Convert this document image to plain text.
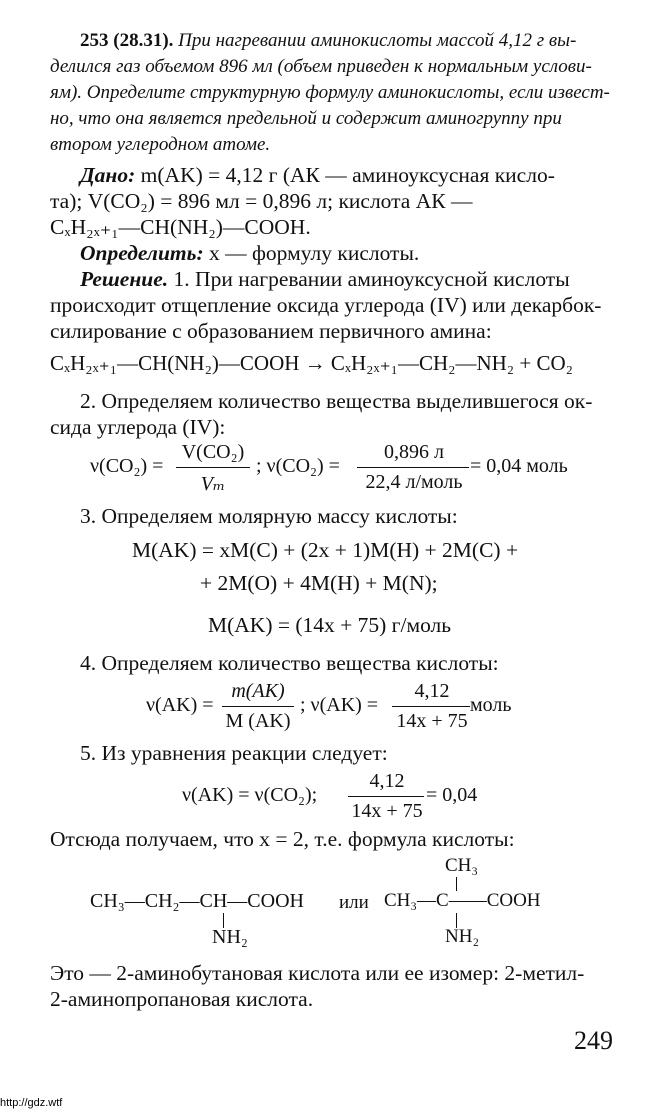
253 (28.31). При нагревании аминокислоты массой 4,12 г вы-
делился газ объемом 896 мл (объем приведен к нормальным услови-
ям). Определите структурную формулу аминокислоты, если извест-
но, что она является предельной и содержит аминогруппу при
втором углеродном атоме.
Дано: m(AK) = 4,12 г (АК — аминоуксусная кисло-
та); V(CO₂) = 896 мл = 0,896 л; кислота АК —
CₓH₂ₓ₊₁—CH(NH₂)—COOH.
Определить: x — формулу кислоты.
Решение. 1. При нагревании аминоуксусной кислоты
происходит отщепление оксида углерода (IV) или декарбок-
силирование с образованием первичного амина:
CₓH₂ₓ₊₁—CH(NH₂)—COOH → CₓH₂ₓ₊₁—CH₂—NH₂ + CO₂
2. Определяем количество вещества выделившегося ок-
сида углерода (IV):
ν(CO₂) =
V(CO₂)
Vₘ
; ν(CO₂) =
0,896 л
22,4 л/моль
= 0,04 моль
3. Определяем молярную массу кислоты:
M(AK) = xM(C) + (2x + 1)M(H) + 2M(C) +
+ 2M(O) + 4M(H) + M(N);
M(AK) = (14x + 75) г/моль
4. Определяем количество вещества кислоты:
ν(AK) =
m(AK)
M (AK)
; ν(AK) =
4,12
14x + 75
моль
5. Из уравнения реакции следует:
ν(AK) = ν(CO₂);
4,12
14x + 75
= 0,04
Отсюда получаем, что x = 2, т.е. формула кислоты:
CH₃—CH₂—CH—COOH
NH₂
или
CH₃
CH₃—C——COOH
NH₂
Это — 2-аминобутановая кислота или ее изомер: 2-метил-
2-аминопропановая кислота.
249
http://gdz.wtf
